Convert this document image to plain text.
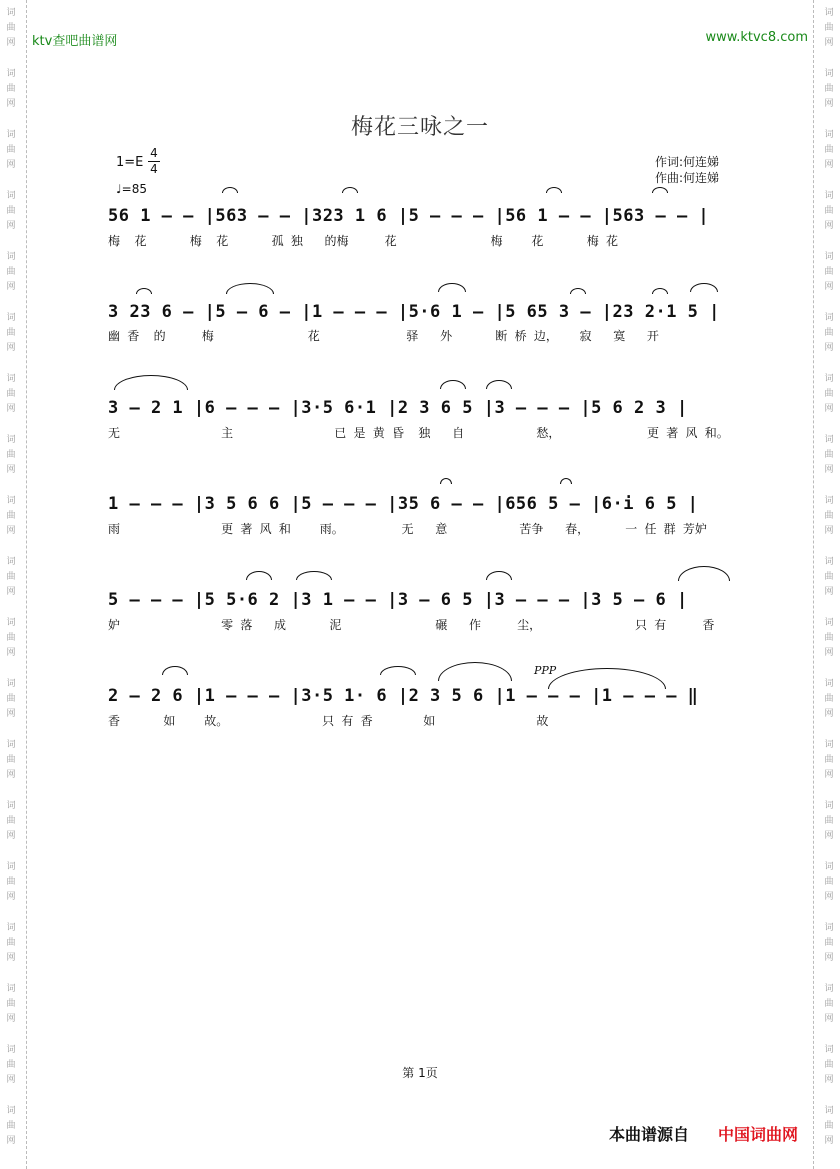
词曲网
词曲网
词曲网
词曲网
词曲网
词曲网
词曲网
词曲网
词曲网
词曲网
词曲网
词曲网
词曲网
词曲网
词曲网
词曲网
词曲网
词曲网
词曲网
词曲网
词曲网
词曲网
词曲网
词曲网
词曲网
词曲网
词曲网
词曲网
词曲网
词曲网
词曲网
词曲网
词曲网
词曲网
词曲网
词曲网
词曲网
词曲网
ktv查吧曲谱网	www.ktvc8.com
梅花三咏之一
1=E
4
4
♩=85
作词:何连娣
作曲:何连娣
56 1 – – |563 – – |323 1 6 |5 – – – |56 1 – – |563 – – |
梅  花      梅  花      孤 独   的梅     花             梅    花      梅 花
3 23 6 – |5 – 6 – |1 – – – |5·6 1 – |5 65 3 – |23 2·1 5 |
幽 香  的     梅             花            驿   外      断 桥 边，   寂   寞   开
3 – 2 1 |6 – – – |3·5 6·1 |2 3 6 5 |3 – – – |5 6 2 3 |
无              主              已 是 黄 昏  独   自          愁，            更 著 风 和。
1 – – – |3 5 6 6 |5 – – – |35 6 – – |656 5 – |6·i 6 5 |
雨              更 著 风 和    雨。        无   意          苦争   春，     一 任 群 芳妒
5 – – – |5 5·6 2 |3 1 – – |3 – 6 5 |3 – – – |3 5 – 6 |
妒              零 落   成      泥             碾   作     尘，             只 有     香
2 – 2 6 |1 – – – |3·5 1· 6 |2 3 5 6 |1 – – – |1 – – – ‖
香      如    故。             只 有 香       如              故
PPP
第 1页
本曲谱源自 中国词曲网
